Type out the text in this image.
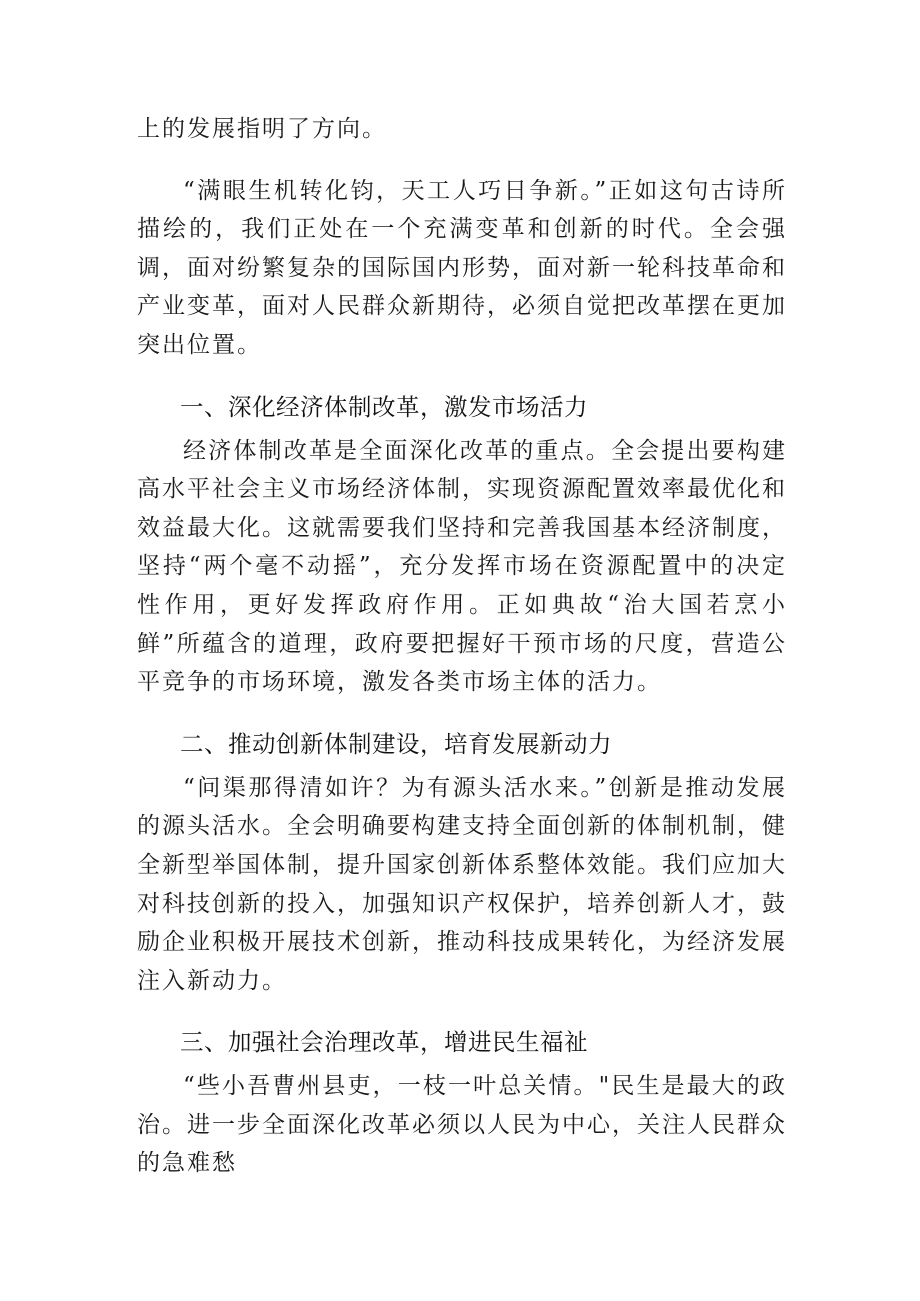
上的发展指明了方向。

“满眼生机转化钧，天工人巧日争新。”正如这句古诗所描绘的，我们正处在一个充满变革和创新的时代。全会强调，面对纷繁复杂的国际国内形势，面对新一轮科技革命和产业变革，面对人民群众新期待，必须自觉把改革摆在更加突出位置。

一、深化经济体制改革，激发市场活力

经济体制改革是全面深化改革的重点。全会提出要构建高水平社会主义市场经济体制，实现资源配置效率最优化和效益最大化。这就需要我们坚持和完善我国基本经济制度，坚持“两个毫不动摇”，充分发挥市场在资源配置中的决定性作用，更好发挥政府作用。正如典故“治大国若烹小鲜”所蕴含的道理，政府要把握好干预市场的尺度，营造公平竞争的市场环境，激发各类市场主体的活力。

二、推动创新体制建设，培育发展新动力

“问渠那得清如许？为有源头活水来。”创新是推动发展的源头活水。全会明确要构建支持全面创新的体制机制，健全新型举国体制，提升国家创新体系整体效能。我们应加大对科技创新的投入，加强知识产权保护，培养创新人才，鼓励企业积极开展技术创新，推动科技成果转化，为经济发展注入新动力。

三、加强社会治理改革，增进民生福祉

“些小吾曹州县吏，一枝一叶总关情。"民生是最大的政治。进一步全面深化改革必须以人民为中心，关注人民群众的急难愁
